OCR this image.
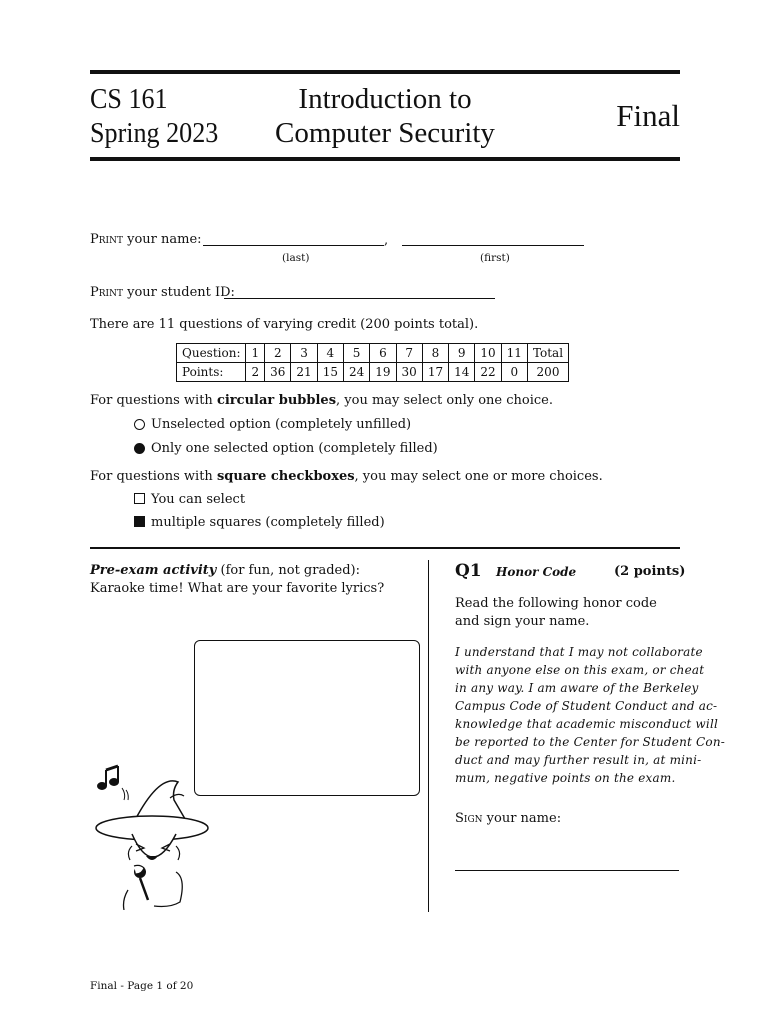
CS 161
Spring 2023
Introduction to
Computer Security	Final
Print your name:	,
(last)	(first)
Print your student ID:
There are 11 questions of varying credit (200 points total).
Question:	1	2	3	4	5	6	7	8	9	10	11	Total
Points:	2	36	21	15	24	19	30	17	14	22	0	200
For questions with circular bubbles, you may select only one choice.
Unselected option (completely unfilled)
Only one selected option (completely filled)
For questions with square checkboxes, you may select one or more choices.
You can select
multiple squares (completely filled)
Pre-exam activity (for fun, not graded):
Karaoke time! What are your favorite lyrics?
Q1 Honor Code	(2 points)
Read the following honor code and sign your name.
I understand that I may not collaborate
with anyone else on this exam, or cheat
in any way. I am aware of the Berkeley
Campus Code of Student Conduct and ac-
knowledge that academic misconduct will
be reported to the Center for Student Con-
duct and may further result in, at mini-
mum, negative points on the exam.
Sign your name:
Final - Page 1 of 20
